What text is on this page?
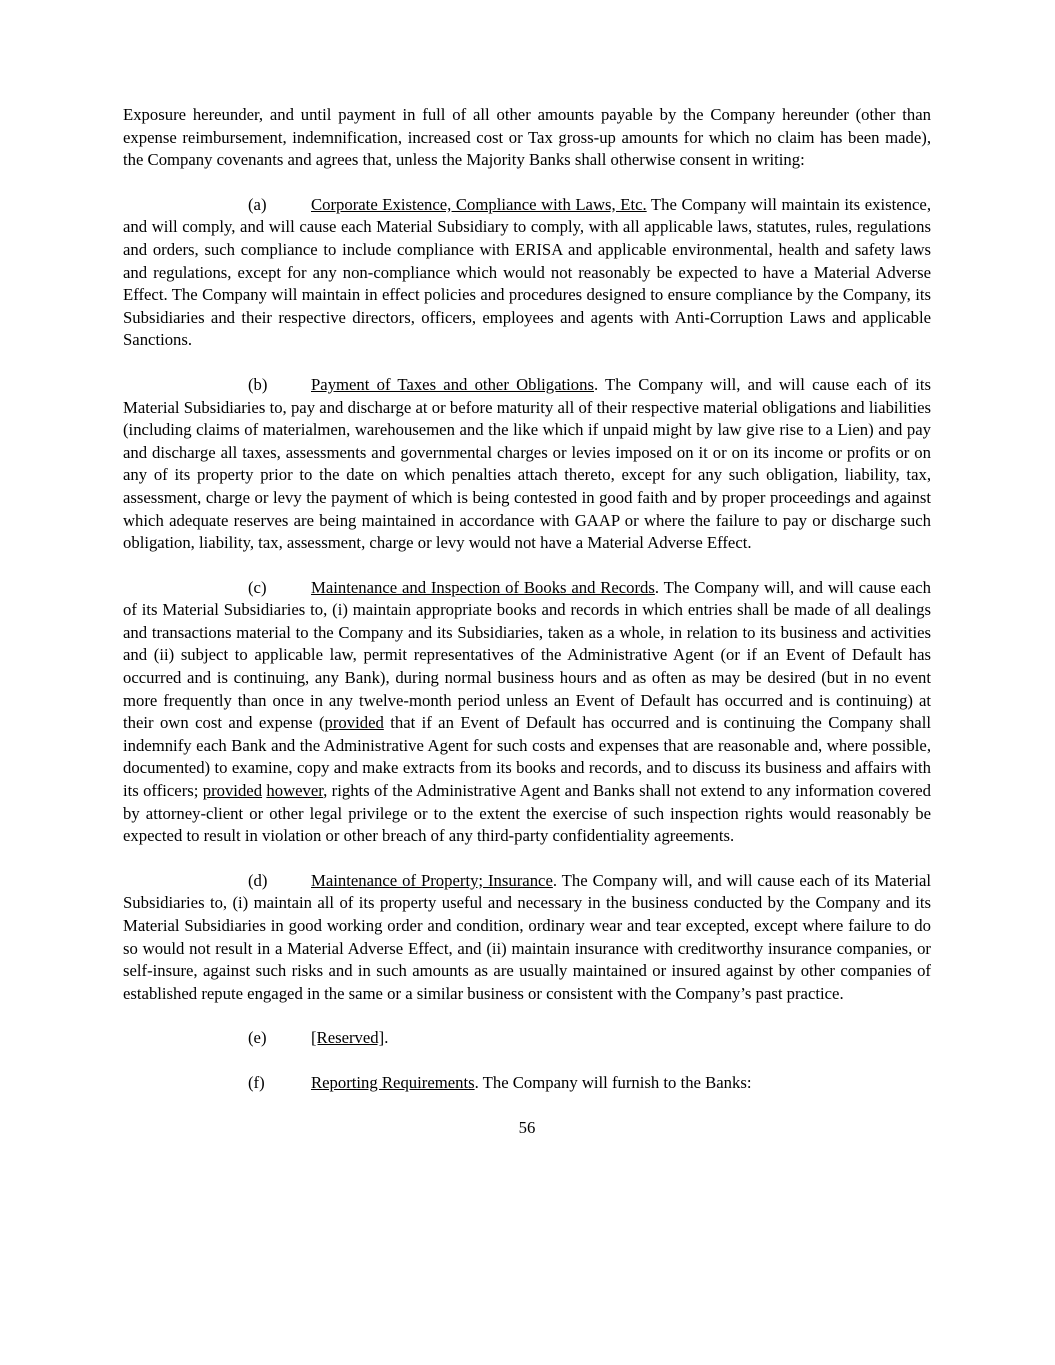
Exposure hereunder, and until payment in full of all other amounts payable by the Company hereunder (other than expense reimbursement, indemnification, increased cost or Tax gross-up amounts for which no claim has been made), the Company covenants and agrees that, unless the Majority Banks shall otherwise consent in writing:

(a)	Corporate Existence, Compliance with Laws, Etc. The Company will maintain its existence, and will comply, and will cause each Material Subsidiary to comply, with all applicable laws, statutes, rules, regulations and orders, such compliance to include compliance with ERISA and applicable environmental, health and safety laws and regulations, except for any non-compliance which would not reasonably be expected to have a Material Adverse Effect. The Company will maintain in effect policies and procedures designed to ensure compliance by the Company, its Subsidiaries and their respective directors, officers, employees and agents with Anti-Corruption Laws and applicable Sanctions.

(b)	Payment of Taxes and other Obligations. The Company will, and will cause each of its Material Subsidiaries to, pay and discharge at or before maturity all of their respective material obligations and liabilities (including claims of materialmen, warehousemen and the like which if unpaid might by law give rise to a Lien) and pay and discharge all taxes, assessments and governmental charges or levies imposed on it or on its income or profits or on any of its property prior to the date on which penalties attach thereto, except for any such obligation, liability, tax, assessment, charge or levy the payment of which is being contested in good faith and by proper proceedings and against which adequate reserves are being maintained in accordance with GAAP or where the failure to pay or discharge such obligation, liability, tax, assessment, charge or levy would not have a Material Adverse Effect.

(c)	Maintenance and Inspection of Books and Records. The Company will, and will cause each of its Material Subsidiaries to, (i) maintain appropriate books and records in which entries shall be made of all dealings and transactions material to the Company and its Subsidiaries, taken as a whole, in relation to its business and activities and (ii) subject to applicable law, permit representatives of the Administrative Agent (or if an Event of Default has occurred and is continuing, any Bank), during normal business hours and as often as may be desired (but in no event more frequently than once in any twelve-month period unless an Event of Default has occurred and is continuing) at their own cost and expense (provided that if an Event of Default has occurred and is continuing the Company shall indemnify each Bank and the Administrative Agent for such costs and expenses that are reasonable and, where possible, documented) to examine, copy and make extracts from its books and records, and to discuss its business and affairs with its officers; provided however, rights of the Administrative Agent and Banks shall not extend to any information covered by attorney-client or other legal privilege or to the extent the exercise of such inspection rights would reasonably be expected to result in violation or other breach of any third-party confidentiality agreements.

(d)	Maintenance of Property; Insurance. The Company will, and will cause each of its Material Subsidiaries to, (i) maintain all of its property useful and necessary in the business conducted by the Company and its Material Subsidiaries in good working order and condition, ordinary wear and tear excepted, except where failure to do so would not result in a Material Adverse Effect, and (ii) maintain insurance with creditworthy insurance companies, or self-insure, against such risks and in such amounts as are usually maintained or insured against by other companies of established repute engaged in the same or a similar business or consistent with the Company’s past practice.

(e)	[Reserved].

(f)	Reporting Requirements. The Company will furnish to the Banks:

56
